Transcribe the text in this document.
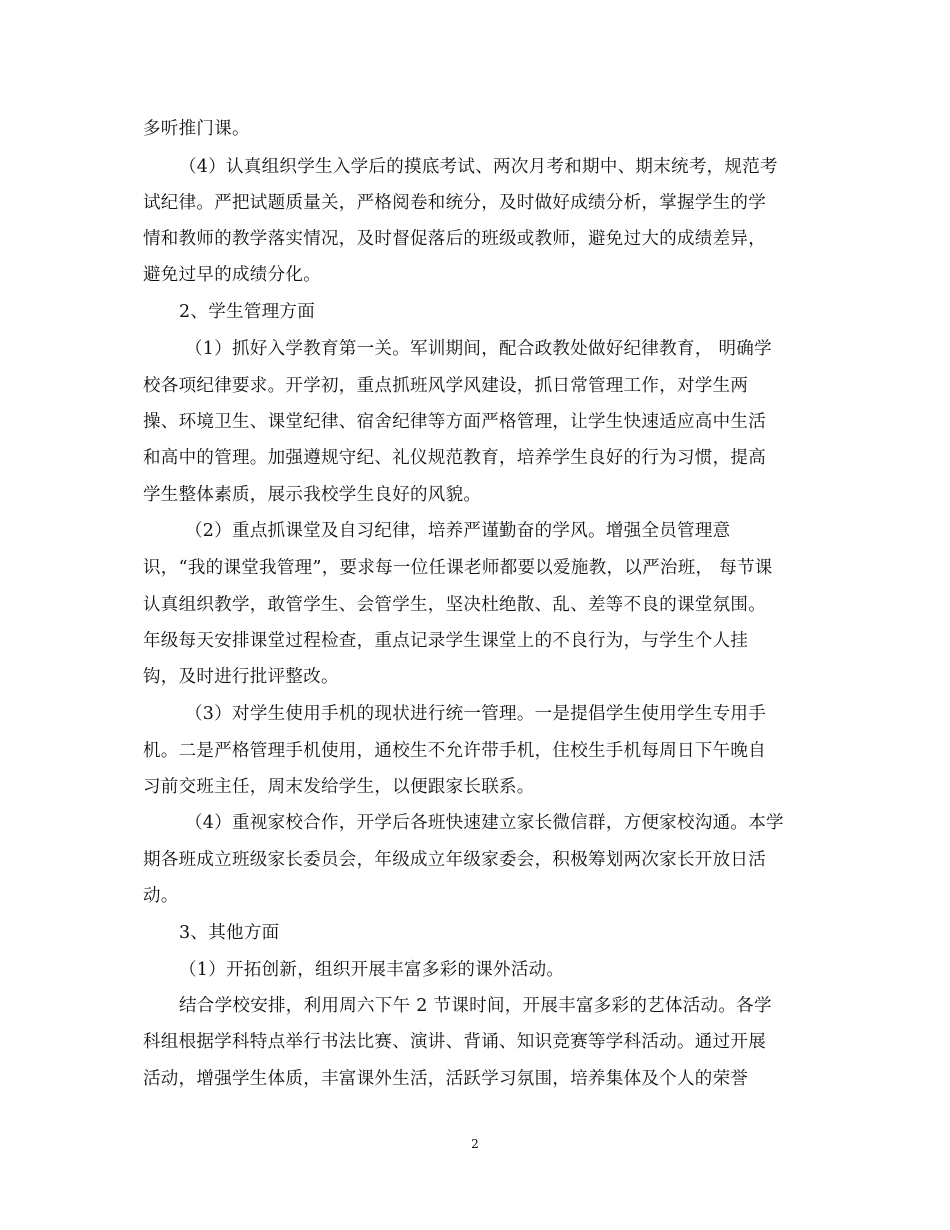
多听推门课。
（4）认真组织学生入学后的摸底考试、两次月考和期中、期末统考，规范考
试纪律。严把试题质量关，严格阅卷和统分，及时做好成绩分析，掌握学生的学
情和教师的教学落实情况，及时督促落后的班级或教师，避免过大的成绩差异，
避免过早的成绩分化。
2、学生管理方面
（1）抓好入学教育第一关。军训期间，配合政教处做好纪律教育， 明确学
校各项纪律要求。开学初，重点抓班风学风建设，抓日常管理工作，对学生两
操、环境卫生、课堂纪律、宿舍纪律等方面严格管理，让学生快速适应高中生活
和高中的管理。加强遵规守纪、礼仪规范教育，培养学生良好的行为习惯，提高
学生整体素质，展示我校学生良好的风貌。
（2）重点抓课堂及自习纪律，培养严谨勤奋的学风。增强全员管理意
识，“我的课堂我管理”，要求每一位任课老师都要以爱施教，以严治班， 每节课
认真组织教学，敢管学生、会管学生，坚决杜绝散、乱、差等不良的课堂氛围。
年级每天安排课堂过程检查，重点记录学生课堂上的不良行为，与学生个人挂
钩，及时进行批评整改。
（3）对学生使用手机的现状进行统一管理。一是提倡学生使用学生专用手
机。二是严格管理手机使用，通校生不允许带手机，住校生手机每周日下午晚自
习前交班主任，周末发给学生，以便跟家长联系。
（4）重视家校合作，开学后各班快速建立家长微信群，方便家校沟通。本学
期各班成立班级家长委员会，年级成立年级家委会，积极筹划两次家长开放日活
动。
3、其他方面
（1）开拓创新，组织开展丰富多彩的课外活动。
结合学校安排，利用周六下午 2 节课时间，开展丰富多彩的艺体活动。各学
科组根据学科特点举行书法比赛、演讲、背诵、知识竞赛等学科活动。通过开展
活动，增强学生体质，丰富课外生活，活跃学习氛围，培养集体及个人的荣誉
2
